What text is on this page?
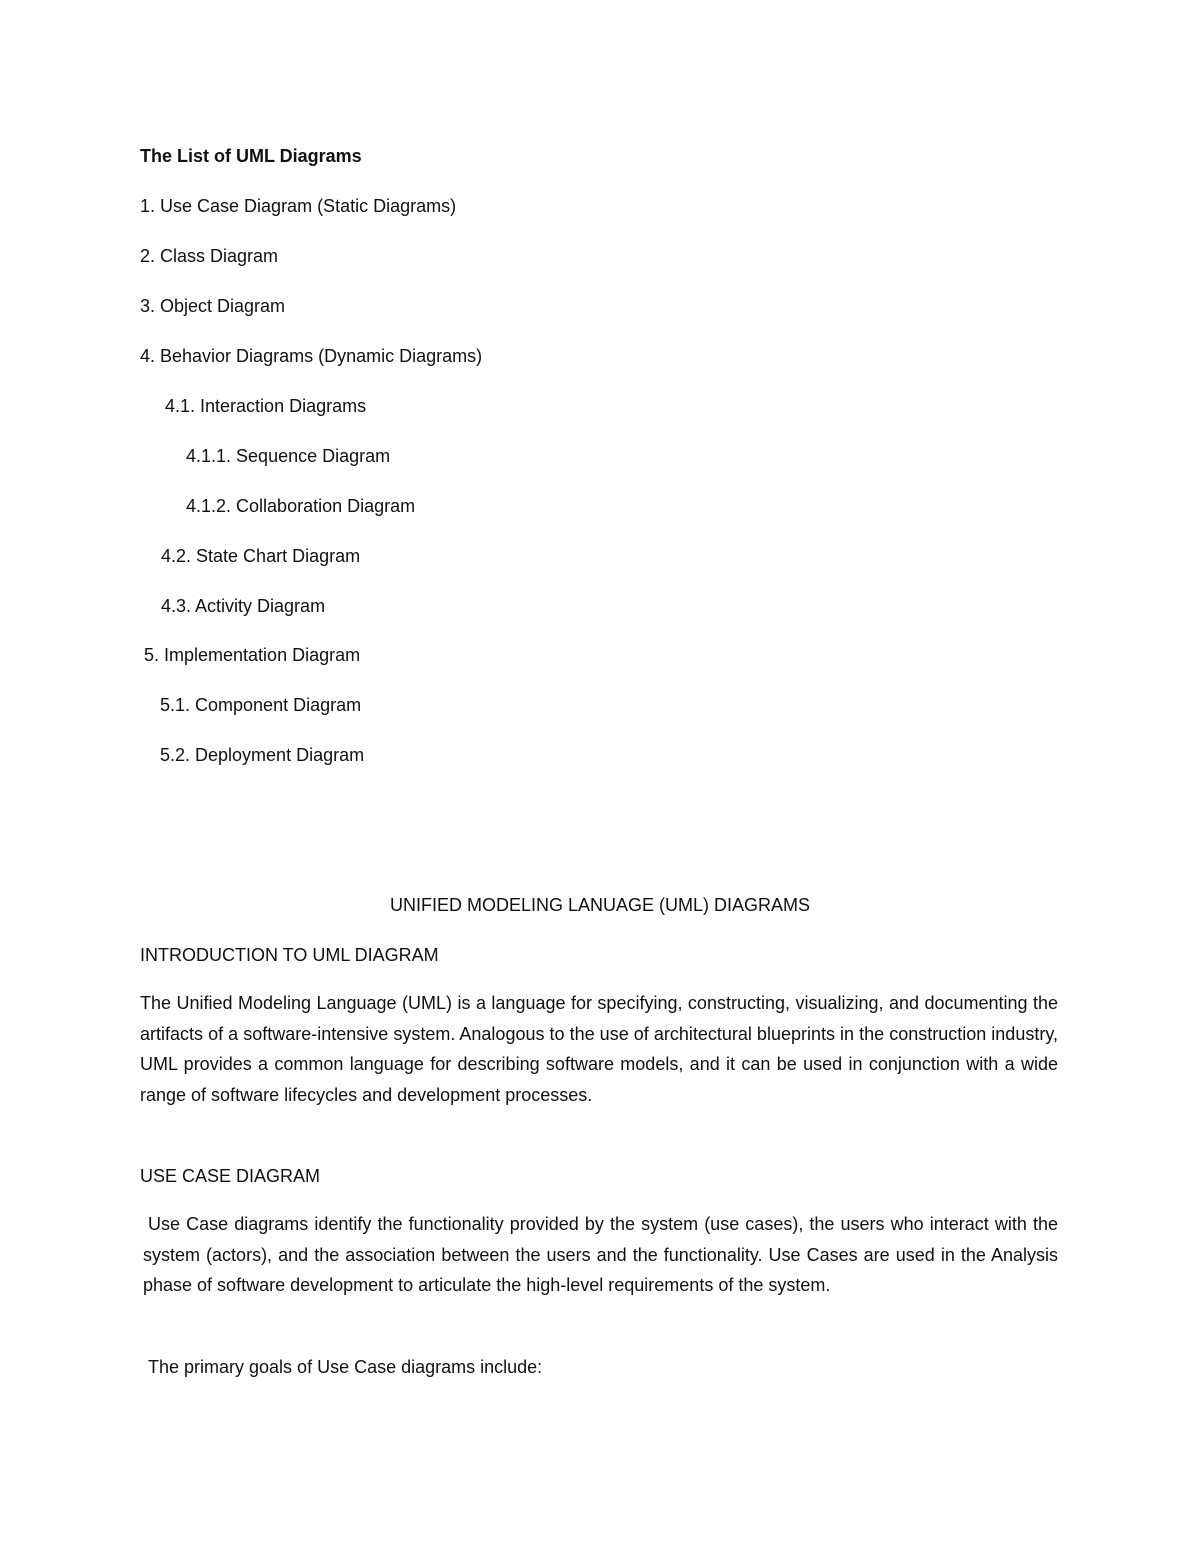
The List of UML Diagrams
1. Use Case Diagram (Static Diagrams)
2. Class Diagram
3. Object Diagram
4. Behavior Diagrams (Dynamic Diagrams)
4.1. Interaction Diagrams
4.1.1. Sequence Diagram
4.1.2. Collaboration Diagram
4.2. State Chart Diagram
4.3. Activity Diagram
5. Implementation Diagram
5.1. Component Diagram
5.2. Deployment Diagram
UNIFIED MODELING LANUAGE (UML) DIAGRAMS
INTRODUCTION TO UML DIAGRAM
The Unified Modeling Language (UML) is a language for specifying, constructing, visualizing, and documenting the artifacts of a software-intensive system. Analogous to the use of architectural blueprints in the construction industry, UML provides a common language for describing software models, and it can be used in conjunction with a wide range of software lifecycles and development processes.
USE CASE DIAGRAM
Use Case diagrams identify the functionality provided by the system (use cases), the users who interact with the system (actors), and the association between the users and the functionality. Use Cases are used in the Analysis phase of software development to articulate the high-level requirements of the system.
The primary goals of Use Case diagrams include:
